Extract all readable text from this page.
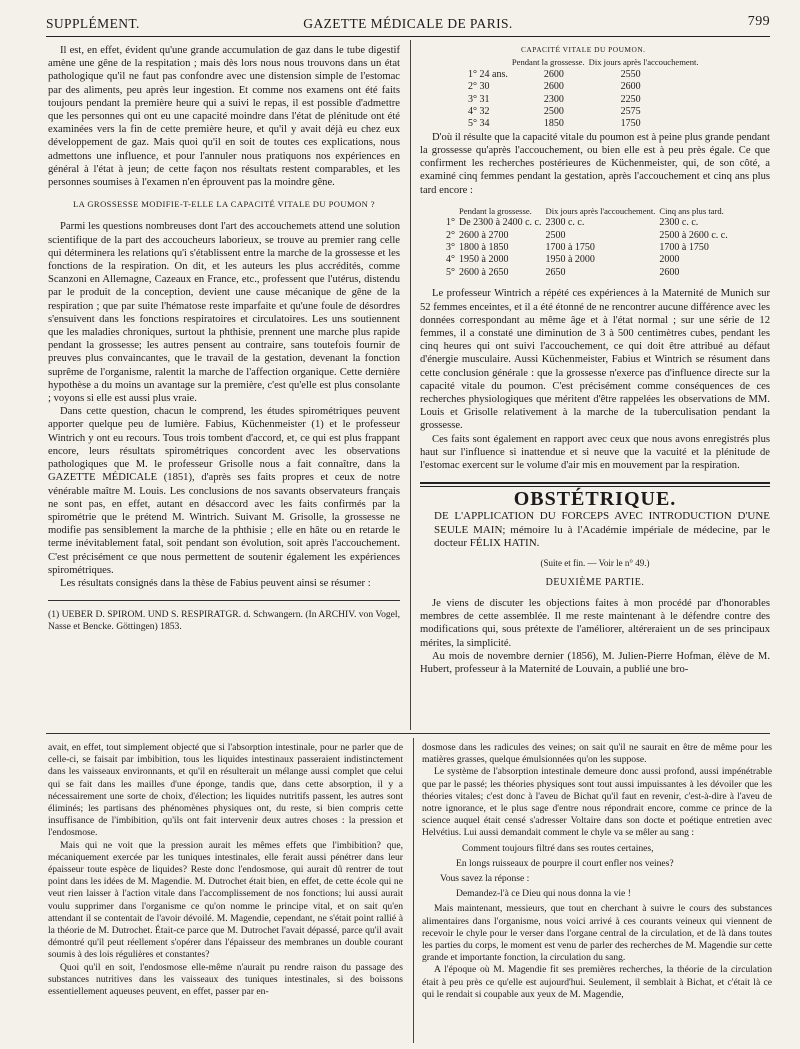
SUPPLÉMENT.	GAZETTE MÉDICALE DE PARIS.	799

Il est, en effet, évident qu'une grande accumulation de gaz dans le tube digestif amène une gêne de la respitation ; mais dès lors nous nous trouvons dans un état pathologique qu'il ne faut pas confondre avec une distension simple de l'estomac par des aliments, peu après leur ingestion. Et comme nos examens ont été faits toujours pendant la première heure qui a suivi le repas, il est possible d'admettre que les personnes qui ont eu une capacité moindre dans l'état de plénitude ont été examinées vers la fin de cette première heure, et qu'il y avait déjà eu chez eux développement de gaz. Mais quoi qu'il en soit de toutes ces explications, nous admettons une influence, et pour l'annuler nous pratiquons nos expériences en général à l'état à jeun; de cette façon nos résultats restent comparables, et les personnes soumises à l'examen n'en éprouvent pas la moindre gêne.

LA GROSSESSE MODIFIE-T-ELLE LA CAPACITÉ VITALE DU POUMON ?

Parmi les questions nombreuses dont l'art des accouchemets attend une solution scientifique de la part des accoucheurs laborieux, se trouve au premier rang celle qui déterminera les relations qu'i s'établissent entre la marche de la grossesse et les fonctions de la respiration. On dit, et les auteurs les plus accrédités, comme Scanzoni en Allemagne, Cazeaux en France, etc., professent que l'utérus, distendu par le produit de la conception, devient une cause mécanique de gêne de la respiration ; que par suite l'hématose reste imparfaite et qu'une foule de désordres s'ensuivent dans les fonctions respiratoires et circulatoires. Les uns soutiennent que les maladies chroniques, surtout la phthisie, prennent une marche plus rapide pendant la grossesse; les autres pensent au contraire, sans toutefois fournir de preuves plus convaincantes, que le travail de la gestation, devenant la fonction suprême de l'organisme, ralentit la marche de l'affection organique. Cette dernière hypothèse a du moins un avantage sur la première, c'est qu'elle est plus consolante ; voyons si elle est aussi plus vraie.

Dans cette question, chacun le comprend, les études spirométriques peuvent apporter quelque peu de lumière. Fabius, Küchenmeister (1) et le professeur Wintrich y ont eu recours. Tous trois tombent d'accord, et, ce qui est plus frappant encore, leurs résultats spirométriques concordent avec les observations pathologiques que M. le professeur Grisolle nous a fait connaître, dans la GAZETTE MÉDICALE (1851), d'après ses faits propres et ceux de notre vénérable maître M. Louis. Les conclusions de nos savants observateurs français ne sont pas, en effet, autant en désaccord avec les faits confirmés par la spirométrie que le prétend M. Wintrich. Suivant M. Grisolle, la grossesse ne modifie pas sensiblement la marche de la phthisie ; elle en hâte ou en retarde le terme inévitablement fatal, soit pendant son évolution, soit après l'accouchement. C'est précisément ce que nous permettent de soutenir également les expériences spirométriques.

Les résultats consignés dans la thèse de Fabius peuvent ainsi se résumer :

(1) UEBER D. SPIROM. UND S. RESPIRATGR. d. Schwangern. (In ARCHIV. von Vogel, Nasse et Bencke. Göttingen) 1853.

CAPACITÉ VITALE DU POUMON.		
	Pendant la grossesse.	Dix jours après l'accouchement.
1° 24 ans.	2600	2550
2° 30	2600	2600
3° 31	2300	2250
4° 32	2500	2575
5° 34	1850	1750

D'où il résulte que la capacité vitale du poumon est à peine plus grande pendant la grossesse qu'après l'accouchement, ou bien elle est à peu près égale. Ce que confirment les recherches postérieures de Küchenmeister, qui, de son côté, a examiné cinq femmes pendant la gestation, après l'accouchement et cinq ans plus tard encore :

	Pendant la grossesse.	Dix jours après l'accouchement.	Cinq ans plus tard.
1°	De 2300 à 2400 c. c.	2300 c. c.	2300 c. c.
2°	2600 à 2700	2500	2500 à 2600 c. c.
3°	1800 à 1850	1700 à 1750	1700 à 1750
4°	1950 à 2000	1950 à 2000	2000
5°	2600 à 2650	2650	2600

Le professeur Wintrich a répété ces expériences à la Maternité de Munich sur 52 femmes enceintes, et il a été étonné de ne rencontrer aucune différence avec les données correspondant au même âge et à l'état normal ; sur une série de 12 femmes, il a constaté une diminution de 3 à 500 centimètres cubes, pendant les cinq heures qui ont suivi l'accouchement, ce qui doit être attribué au défaut d'énergie musculaire. Aussi Küchenmeister, Fabius et Wintrich se résument dans cette conclusion générale : que la grossesse n'exerce pas d'influence directe sur la capacité vitale du poumon. C'est précisément comme conséquences de ces recherches physiologiques que méritent d'être rappelées les observations de MM. Louis et Grisolle relativement à la marche de la tuberculisation pendant la grossesse.

Ces faits sont également en rapport avec ceux que nous avons enregistrés plus haut sur l'influence si inattendue et si neuve que la vacuité et la plénitude de l'estomac exercent sur le volume d'air mis en mouvement par la respiration.

OBSTÉTRIQUE.

DE L'APPLICATION DU FORCEPS AVEC INTRODUCTION D'UNE SEULE MAIN; mémoire lu à l'Académie impériale de médecine, par le docteur FÉLIX HATIN.

(Suite et fin. — Voir le n° 49.)

DEUXIÈME PARTIE.

Je viens de discuter les objections faites à mon procédé par d'honorables membres de cette assemblée. Il me reste maintenant à le défendre contre des modifications qui, sous prétexte de l'améliorer, altéreraient un de ses principaux mérites, la simplicité.

Au mois de novembre dernier (1856), M. Julien-Pierre Hofman, élève de M. Hubert, professeur à la Maternité de Louvain, a publié une bro-

avait, en effet, tout simplement objecté que si l'absorption intestinale, pour ne parler que de celle-ci, se faisait par imbibition, tous les liquides intestinaux passeraient indistinctement dans les vaisseaux environnants, et qu'il en résulterait un mélange aussi complet que celui qui se fait dans les mailles d'une éponge, tandis que, dans cette absorption, il y a nécessairement une sorte de choix, d'élection; les liquides nutritifs passent, les autres sont éliminés; les partisans des phénomènes physiques ont, du reste, si bien compris cette insuffisance de l'imbibition, qu'ils ont fait intervenir deux autres choses : la pression et l'endosmose.

Mais qui ne voit que la pression aurait les mêmes effets que l'imbibition? que, mécaniquement exercée par les tuniques intestinales, elle ferait aussi pénétrer dans leur épaisseur toute espèce de liquides? Reste donc l'endosmose, qui aurait dû rentrer de tout point dans les idées de M. Magendie. M. Dutrochet était bien, en effet, de cette école qui ne veut rien laisser à l'action vitale dans l'accomplissement de nos fonctions; lui aussi aurait voulu supprimer dans l'organisme ce qu'on nomme le principe vital, et on sait qu'en attendant il se contentait de l'avoir dévoilé. M. Magendie, cependant, ne s'était point rallié à la théorie de M. Dutrochet. Était-ce parce que M. Dutrochet l'avait dépassé, parce qu'il avait démontré qu'il peut réellement s'opérer dans l'épaisseur des membranes un double courant soumis à des lois régulières et constantes?

Quoi qu'il en soit, l'endosmose elle-même n'aurait pu rendre raison du passage des substances nutritives dans les vaisseaux des tuniques intestinales, si des boissons essentiellement aqueuses peuvent, en effet, passer par en-

dosmose dans les radicules des veines; on sait qu'il ne saurait en être de même pour les matières grasses, quelque émulsionnées qu'on les suppose.

Le système de l'absorption intestinale demeure donc aussi profond, aussi impénétrable que par le passé; les théories physiques sont tout aussi impuissantes à les dévoiler que les théories vitales; c'est donc à l'aveu de Bichat qu'il faut en revenir, c'est-à-dire à l'aveu de notre ignorance, et le plus sage d'entre nous répondrait encore, comme ce prince de la science auquel était censé s'adresser Voltaire dans son docte et poétique entretien avec Helvétius. Lui aussi demandait comment le chyle va se mêler au sang :

Comment toujours filtré dans ses routes certaines,

En longs ruisseaux de pourpre il court enfler nos veines?

Vous savez la réponse :

Demandez-l'à ce Dieu qui nous donna la vie !

Mais maintenant, messieurs, que tout en cherchant à suivre le cours des substances alimentaires dans l'organisme, nous voici arrivé à ces courants veineux qui viennent de recevoir le chyle pour le verser dans l'organe central de la circulation, et de là dans toutes les parties du corps, le moment est venu de parler des recherches de M. Magendie sur cette grande et importante fonction, la circulation du sang.

A l'époque où M. Magendie fit ses premières recherches, la théorie de la circulation était à peu près ce qu'elle est aujourd'hui. Seulement, il semblait à Bichat, et c'était là ce qui le rendait si coupable aux yeux de M. Magendie,
